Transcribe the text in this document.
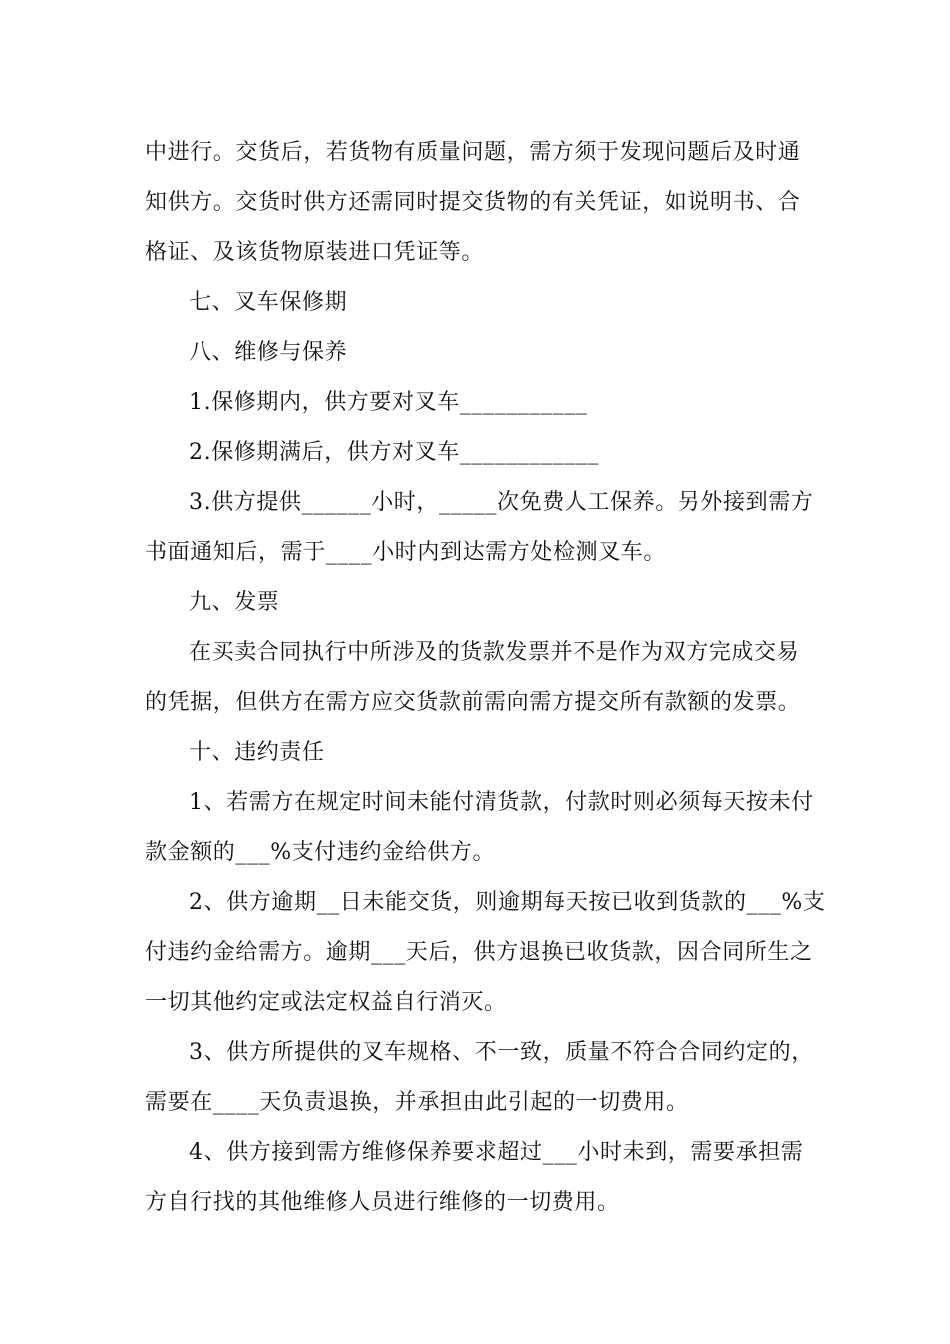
中进行。交货后，若货物有质量问题，需方须于发现问题后及时通
知供方。交货时供方还需同时提交货物的有关凭证，如说明书、合
格证、及该货物原装进口凭证等。
七、叉车保修期
八、维修与保养
1.保修期内，供方要对叉车___________
2.保修期满后，供方对叉车____________
3.供方提供______小时，_____次免费人工保养。另外接到需方
书面通知后，需于____小时内到达需方处检测叉车。
九、发票
在买卖合同执行中所涉及的货款发票并不是作为双方完成交易
的凭据，但供方在需方应交货款前需向需方提交所有款额的发票。
十、违约责任
1、若需方在规定时间未能付清货款，付款时则必须每天按未付
款金额的___%支付违约金给供方。
2、供方逾期__日未能交货，则逾期每天按已收到货款的___%支
付违约金给需方。逾期___天后，供方退换已收货款，因合同所生之
一切其他约定或法定权益自行消灭。
3、供方所提供的叉车规格、不一致，质量不符合合同约定的，
需要在____天负责退换，并承担由此引起的一切费用。
4、供方接到需方维修保养要求超过___小时未到，需要承担需
方自行找的其他维修人员进行维修的一切费用。
